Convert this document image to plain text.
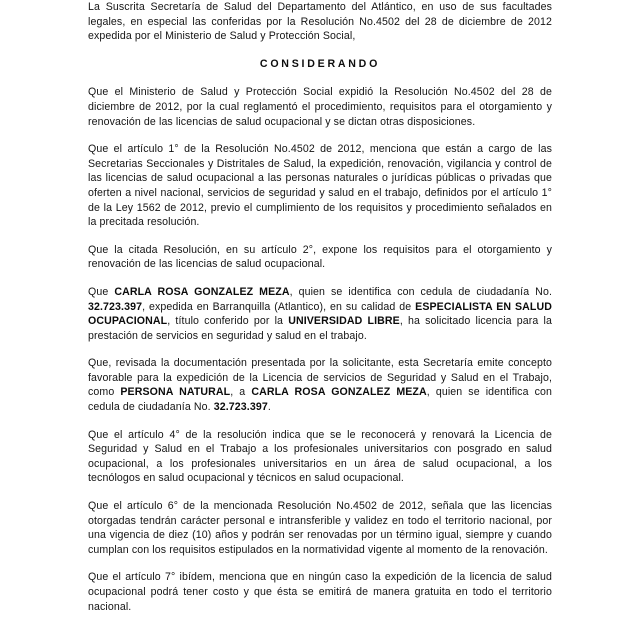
La Suscrita Secretaría de Salud del Departamento del Atlántico, en uso de sus facultades legales, en especial las conferidas por la Resolución No.4502 del 28 de diciembre de 2012 expedida por el Ministerio de Salud y Protección Social,

CONSIDERANDO

Que el Ministerio de Salud y Protección Social expidió la Resolución No.4502 del 28 de diciembre de 2012, por la cual reglamentó el procedimiento, requisitos para el otorgamiento y renovación de las licencias de salud ocupacional y se dictan otras disposiciones.

Que el artículo 1° de la Resolución No.4502 de 2012, menciona que están a cargo de las Secretarias Seccionales y Distritales de Salud, la expedición, renovación, vigilancia y control de las licencias de salud ocupacional a las personas naturales o jurídicas públicas o privadas que oferten a nivel nacional, servicios de seguridad y salud en el trabajo, definidos por el artículo 1° de la Ley 1562 de 2012, previo el cumplimiento de los requisitos y procedimiento señalados en la precitada resolución.

Que la citada Resolución, en su artículo 2°, expone los requisitos para el otorgamiento y renovación de las licencias de salud ocupacional.

Que CARLA ROSA GONZALEZ MEZA, quien se identifica con cedula de ciudadanía No. 32.723.397, expedida en Barranquilla (Atlantico), en su calidad de ESPECIALISTA EN SALUD OCUPACIONAL, título conferido por la UNIVERSIDAD LIBRE, ha solicitado licencia para la prestación de servicios en seguridad y salud en el trabajo.

Que, revisada la documentación presentada por la solicitante, esta Secretaría emite concepto favorable para la expedición de la Licencia de servicios de Seguridad y Salud en el Trabajo, como PERSONA NATURAL, a CARLA ROSA GONZALEZ MEZA, quien se identifica con cedula de ciudadanía No. 32.723.397.

Que el artículo 4° de la resolución indica que se le reconocerá y renovará la Licencia de Seguridad y Salud en el Trabajo a los profesionales universitarios con posgrado en salud ocupacional, a los profesionales universitarios en un área de salud ocupacional, a los tecnólogos en salud ocupacional y técnicos en salud ocupacional.

Que el artículo 6° de la mencionada Resolución No.4502 de 2012, señala que las licencias otorgadas tendrán carácter personal e intransferible y validez en todo el territorio nacional, por una vigencia de diez (10) años y podrán ser renovadas por un término igual, siempre y cuando cumplan con los requisitos estipulados en la normatividad vigente al momento de la renovación.

Que el artículo 7° ibídem, menciona que en ningún caso la expedición de la licencia de salud ocupacional podrá tener costo y que ésta se emitirá de manera gratuita en todo el territorio nacional.
